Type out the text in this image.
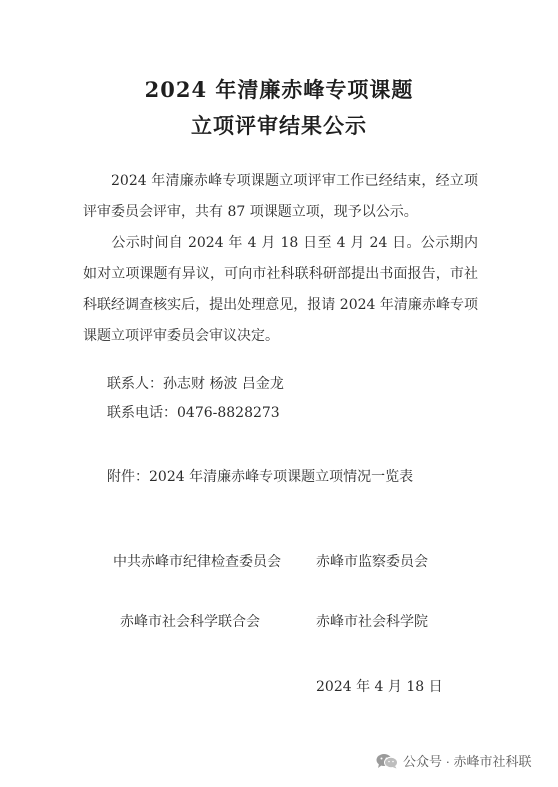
2024 年清廉赤峰专项课题
立项评审结果公示
2024 年清廉赤峰专项课题立项评审工作已经结束，经立项评审委员会评审，共有 87 项课题立项，现予以公示。
公示时间自 2024 年 4 月 18 日至 4 月 24 日。公示期内如对立项课题有异议，可向市社科联科研部提出书面报告，市社科联经调查核实后，提出处理意见，报请 2024 年清廉赤峰专项课题立项评审委员会审议决定。
联系人：孙志财 杨波 吕金龙
联系电话：0476-8828273
附件：2024 年清廉赤峰专项课题立项情况一览表
中共赤峰市纪律检查委员会	赤峰市监察委员会
赤峰市社会科学联合会	赤峰市社会科学院
2024 年 4 月 18 日
公众号 · 赤峰市社科联
